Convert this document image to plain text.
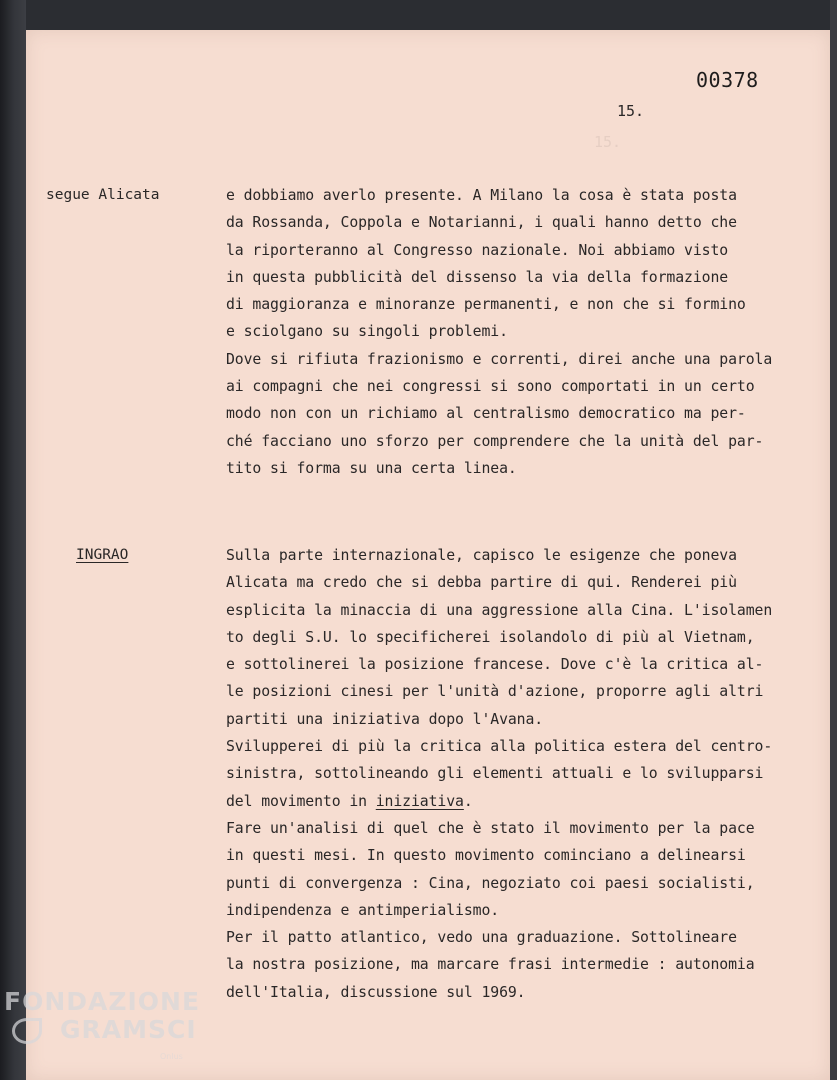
00378
15.
15.
segue Alicata	e dobbiamo averlo presente. A Milano la cosa è stata posta
da Rossanda, Coppola e Notarianni, i quali hanno detto che
la riporteranno al Congresso nazionale. Noi abbiamo visto
in questa pubblicità del dissenso la via della formazione
di maggioranza e minoranze permanenti, e non che si formino
e sciolgano su singoli problemi.
Dove si rifiuta frazionismo e correnti, direi anche una parola
ai compagni che nei congressi si sono comportati in un certo
modo non con un richiamo al centralismo democratico ma per-
ché facciano uno sforzo per comprendere che la unità del par-
tito si forma su una certa linea.
INGRAO	Sulla parte internazionale, capisco le esigenze che poneva
Alicata ma credo che si debba partire di qui. Renderei più
esplicita la minaccia di una aggressione alla Cina. L'isolamen
to degli S.U. lo specificherei isolandolo di più al Vietnam,
e sottolinerei la posizione francese. Dove c'è la critica al-
le posizioni cinesi per l'unità d'azione, proporre agli altri
partiti una iniziativa dopo l'Avana.
Svilupperei di più la critica alla politica estera del centro-
sinistra, sottolineando gli elementi attuali e lo svilupparsi
del movimento in iniziativa.
Fare un'analisi di quel che è stato il movimento per la pace
in questi mesi. In questo movimento cominciano a delinearsi
punti di convergenza : Cina, negoziato coi paesi socialisti,
indipendenza e antimperialismo.
Per il patto atlantico, vedo una graduazione. Sottolineare
la nostra posizione, ma marcare frasi intermedie : autonomia
dell'Italia, discussione sul 1969.
FONDAZIONE
GRAMSCI
Onlus
